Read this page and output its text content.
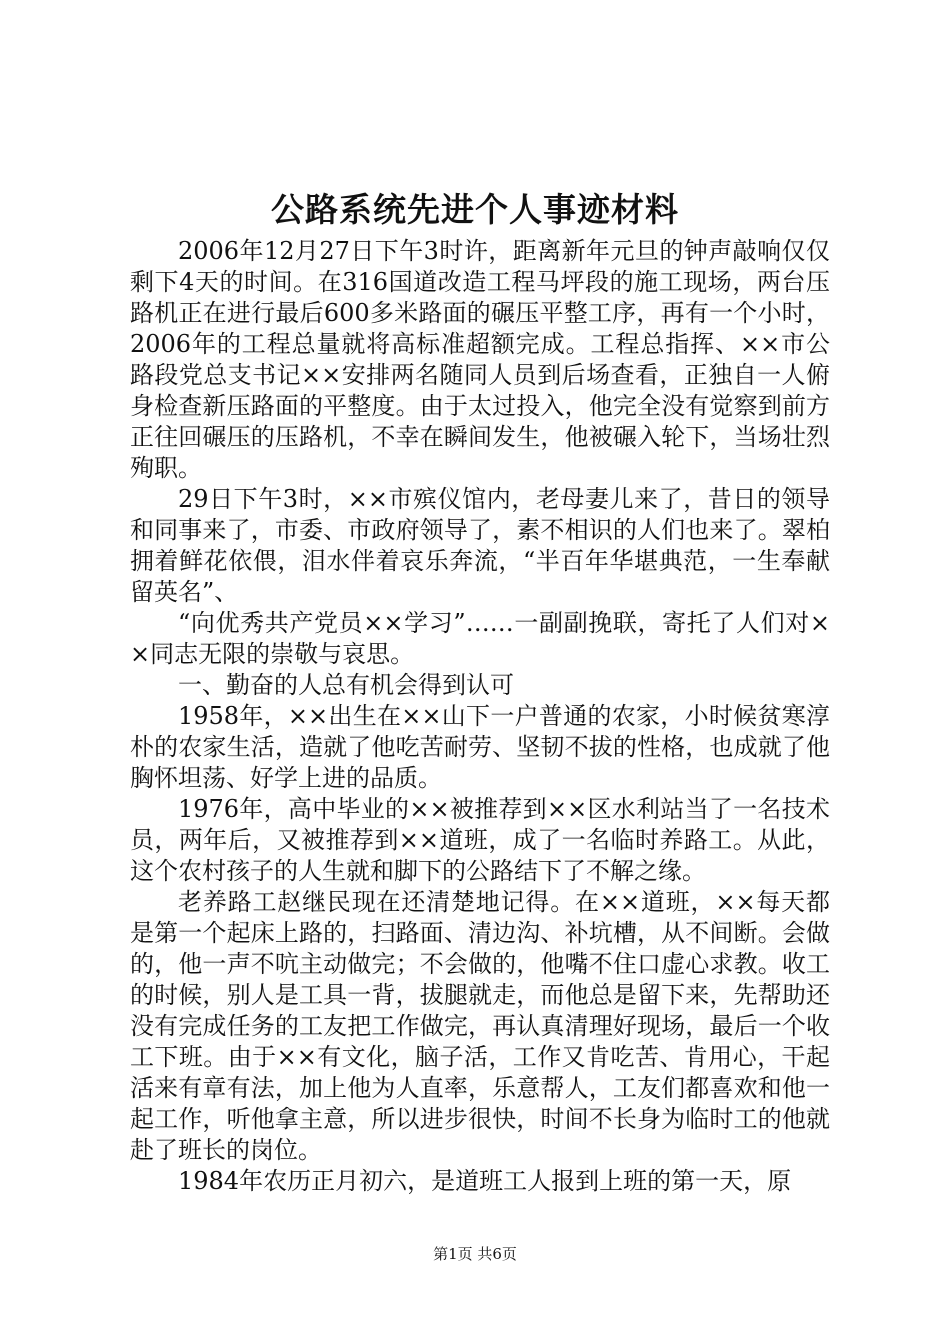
公路系统先进个人事迹材料

2006年12月27日下午3时许，距离新年元旦的钟声敲响仅仅剩下4天的时间。在316国道改造工程马坪段的施工现场，两台压路机正在进行最后600多米路面的碾压平整工序，再有一个小时，2006年的工程总量就将高标准超额完成。工程总指挥、××市公路段党总支书记××安排两名随同人员到后场查看，正独自一人俯身检查新压路面的平整度。由于太过投入，他完全没有觉察到前方正往回碾压的压路机，不幸在瞬间发生，他被碾入轮下，当场壮烈殉职。

29日下午3时，××市殡仪馆内，老母妻儿来了，昔日的领导和同事来了，市委、市政府领导了，素不相识的人们也来了。翠柏拥着鲜花依偎，泪水伴着哀乐奔流，“半百年华堪典范，一生奉献留英名”、

“向优秀共产党员××学习”……一副副挽联，寄托了人们对××同志无限的崇敬与哀思。

一、勤奋的人总有机会得到认可

1958年，××出生在××山下一户普通的农家，小时候贫寒淳朴的农家生活，造就了他吃苦耐劳、坚韧不拔的性格，也成就了他胸怀坦荡、好学上进的品质。

1976年，高中毕业的××被推荐到××区水利站当了一名技术员，两年后，又被推荐到××道班，成了一名临时养路工。从此，这个农村孩子的人生就和脚下的公路结下了不解之缘。

老养路工赵继民现在还清楚地记得。在××道班，××每天都是第一个起床上路的，扫路面、清边沟、补坑槽，从不间断。会做的，他一声不吭主动做完；不会做的，他嘴不住口虚心求教。收工的时候，别人是工具一背，拔腿就走，而他总是留下来，先帮助还没有完成任务的工友把工作做完，再认真清理好现场，最后一个收工下班。由于××有文化，脑子活，工作又肯吃苦、肯用心，干起活来有章有法，加上他为人直率，乐意帮人，工友们都喜欢和他一起工作，听他拿主意，所以进步很快，时间不长身为临时工的他就赴了班长的岗位。

1984年农历正月初六，是道班工人报到上班的第一天，原

第1页 共6页
